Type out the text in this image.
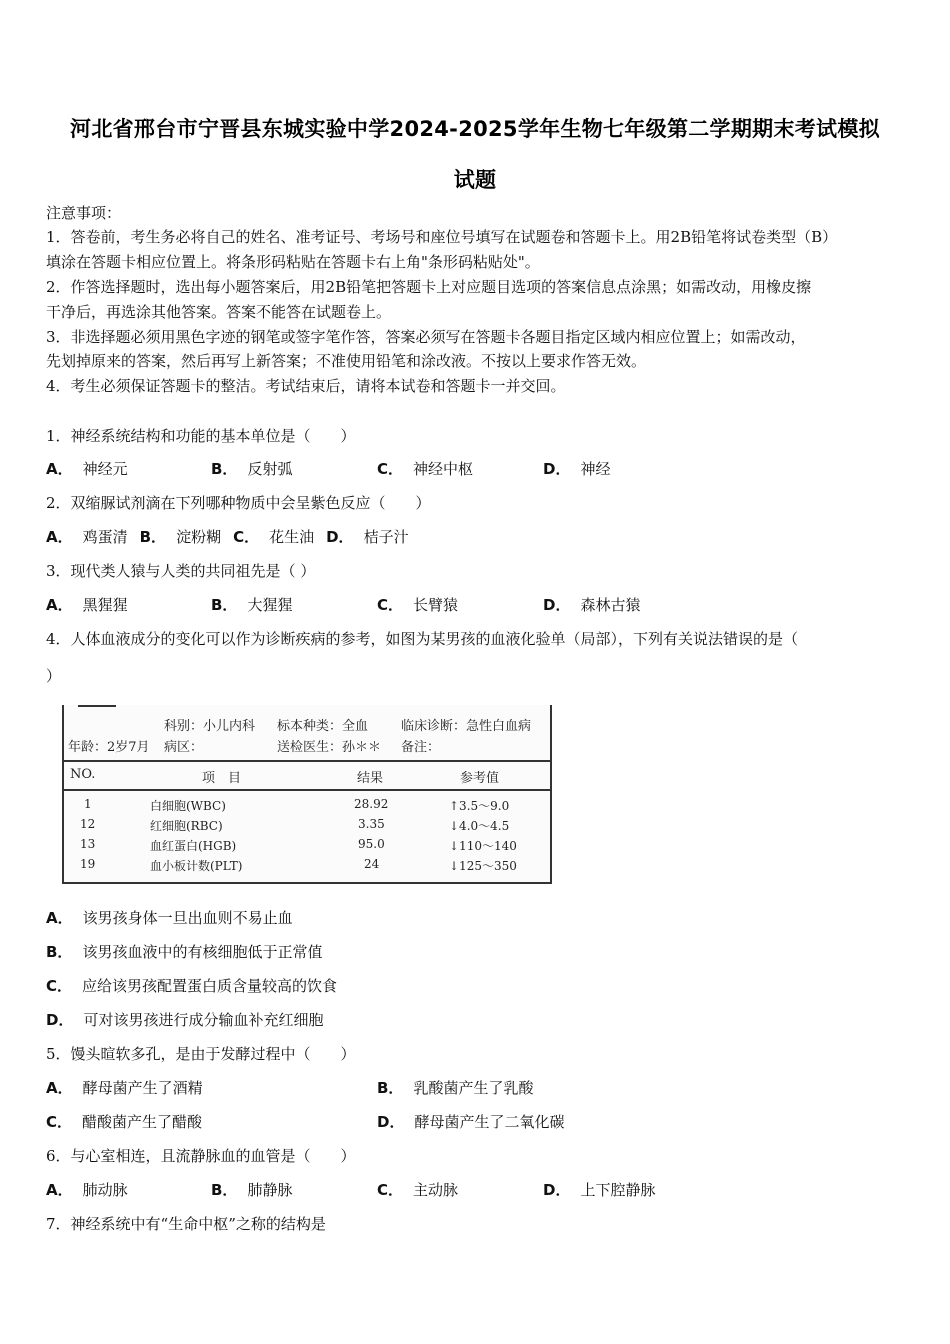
河北省邢台市宁晋县东城实验中学2024-2025学年生物七年级第二学期期末考试模拟
试题
注意事项：
1．答卷前，考生务必将自己的姓名、准考证号、考场号和座位号填写在试题卷和答题卡上。用2B铅笔将试卷类型（B）
填涂在答题卡相应位置上。将条形码粘贴在答题卡右上角"条形码粘贴处"。
2．作答选择题时，选出每小题答案后，用2B铅笔把答题卡上对应题目选项的答案信息点涂黑；如需改动，用橡皮擦
干净后，再选涂其他答案。答案不能答在试题卷上。
3．非选择题必须用黑色字迹的钢笔或签字笔作答，答案必须写在答题卡各题目指定区域内相应位置上；如需改动，
先划掉原来的答案，然后再写上新答案；不准使用铅笔和涂改液。不按以上要求作答无效。
4．考生必须保证答题卡的整洁。考试结束后，请将本试卷和答题卡一并交回。
1．神经系统结构和功能的基本单位是（　　）
A． 神经元	B． 反射弧	C． 神经中枢	D． 神经
2．双缩脲试剂滴在下列哪种物质中会呈紫色反应（　　）
A． 鸡蛋清 B． 淀粉糊 C． 花生油 D． 桔子汁
3．现代类人猿与人类的共同祖先是（ ）
A． 黑猩猩	B． 大猩猩	C． 长臂猿	D． 森林古猿
4．人体血液成分的变化可以作为诊断疾病的参考，如图为某男孩的血液化验单（局部），下列有关说法错误的是（
）
科别：小儿内科 标本种类：全血	临床诊断：急性白血病
年龄：2岁7月 病区：	送检医生：孙＊＊ 备注：
NO.	项　目	结果	参考值
1	白细胞(WBC)	28.92	↑3.5～9.0
12	红细胞(RBC)	3.35	↓4.0～4.5
13	血红蛋白(HGB)	95.0	↓110～140
19	血小板计数(PLT)	24	↓125～350
A． 该男孩身体一旦出血则不易止血
B． 该男孩血液中的有核细胞低于正常值
C． 应给该男孩配置蛋白质含量较高的饮食
D． 可对该男孩进行成分输血补充红细胞
5．馒头暄软多孔，是由于发酵过程中（　　）
A． 酵母菌产生了酒精	B． 乳酸菌产生了乳酸
C． 醋酸菌产生了醋酸	D． 酵母菌产生了二氧化碳
6．与心室相连，且流静脉血的血管是（　　）
A． 肺动脉	B． 肺静脉	C． 主动脉	D． 上下腔静脉
7．神经系统中有“生命中枢”之称的结构是
